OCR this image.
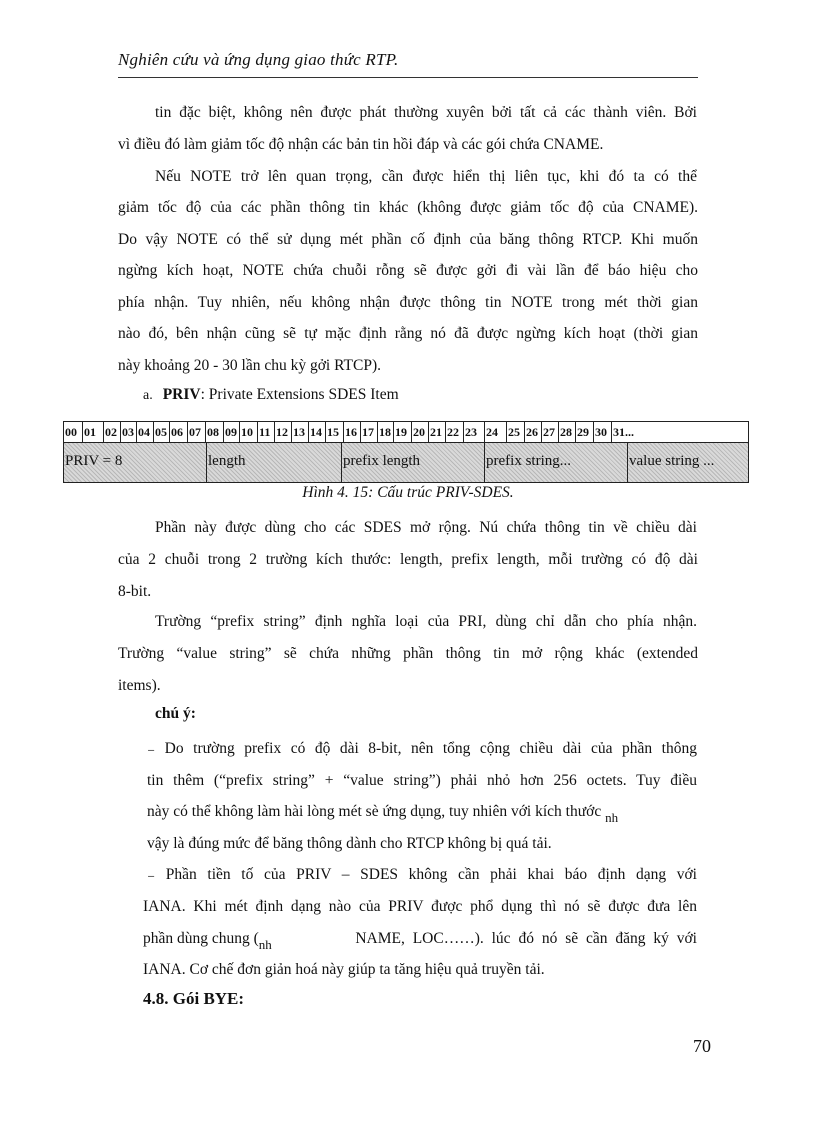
Nghiên cứu và ứng dụng giao thức RTP.
tin đặc biệt, không nên được phát thường xuyên bởi tất cả các thành viên. Bởi
vì điều đó làm giảm tốc độ nhận các bản tin hồi đáp và các gói chứa CNAME.
Nếu NOTE trở lên quan trọng, cần được hiển thị liên tục, khi đó ta có thể
giảm tốc độ của các phần thông tin khác (không được giảm tốc độ của CNAME).
Do vậy NOTE có thể sử dụng mét phần cố định của băng thông RTCP. Khi muốn
ngừng kích hoạt, NOTE chứa chuỗi rỗng sẽ được gởi đi vài lần để báo hiệu cho
phía nhận. Tuy nhiên, nếu không nhận được thông tin NOTE trong mét thời gian
nào đó, bên nhận cũng sẽ tự mặc định rằng nó đã được ngừng kích hoạt (thời gian
này khoảng 20 - 30 lần chu kỳ gởi RTCP).
a. PRIV: Private Extensions SDES Item
00 01 02 03 04 05 06 07 08 09 10 11 12 13 14 15 16 17 18 19 20 21 22 23 24 25 26 27 28 29 30 31...
PRIV = 8	length	prefix length	prefix string...	value string ...
Hình 4. 15: Cấu trúc PRIV-SDES.
Phần này được dùng cho các SDES mở rộng. Nú chứa thông tin về chiều dài
của 2 chuỗi trong 2 trường kích thước: length, prefix length, mỗi trường có độ dài
8-bit.
Trường “prefix string” định nghĩa loại của PRI, dùng chỉ dẫn cho phía nhận.
Trường “value string” sẽ chứa những phần thông tin mở rộng khác (extended
items).
chú ý:
₋ Do trường prefix có độ dài 8-bit, nên tổng cộng chiều dài của phần thông
tin thêm (“prefix string” + “value string”) phải nhỏ hơn 256 octets. Tuy điều
này có thể không làm hài lòng mét sè ứng dụng, tuy nhiên với kích thước $_{nh}$
vậy là đúng mức để băng thông dành cho RTCP không bị quá tải.
₋ Phần tiền tố của PRIV – SDES không cần phải khai báo định dạng với
IANA. Khi mét định dạng nào của PRIV được phổ dụng thì nó sẽ được đưa lên
phần dùng chung ($_{nh}$	NAME, LOC……). lúc đó nó sẽ cần đăng ký với
IANA. Cơ chế đơn giản hoá này giúp ta tăng hiệu quả truyền tải.
4.8. Gói BYE:
70
